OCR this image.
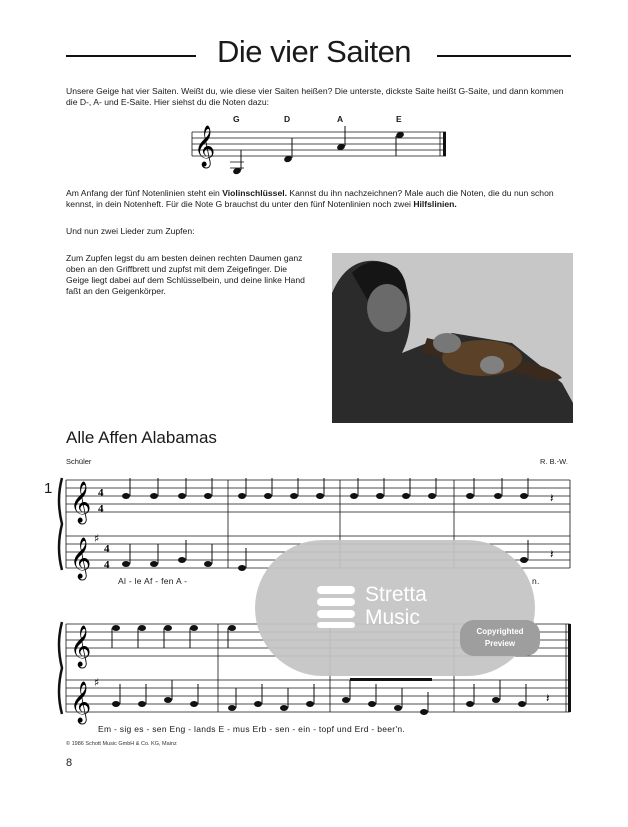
Die vier Saiten

Unsere Geige hat vier Saiten. Weißt du, wie diese vier Saiten heißen? Die unterste, dickste Saite heißt G-Saite, und dann kommen die D-, A- und E-Saite. Hier siehst du die Noten dazu:

G	D	A	E
𝄞

Am Anfang der fünf Notenlinien steht ein Violinschlüssel. Kannst du ihn nachzeichnen? Male auch die Noten, die du nun schon kennst, in dein Notenheft. Für die Note G brauchst du unter den fünf Notenlinien noch zwei Hilfslinien.

Und nun zwei Lieder zum Zupfen:

Zum Zupfen legst du am besten deinen rechten Daumen ganz oben an den Griffbrett und zupfst mit dem Zeigefinger. Die Geige liegt dabei auf dem Schlüsselbein, und deine linke Hand faßt an den Geigenkörper.

Alle Affen Alabamas
Schüler	R. B.-W.
1 𝄞
𝄞
4
4
♯
4
4
𝄽
𝄽
Al - le Af - fen A -	n.
𝄞
𝄞 ♯
𝄽
Em - sig es - sen Eng - lands E - mus Erb - sen - ein - topf und Erd - beer'n.
© 1986 Schott Music GmbH & Co. KG, Mainz
8
Stretta
Music
Copyrighted
Preview
